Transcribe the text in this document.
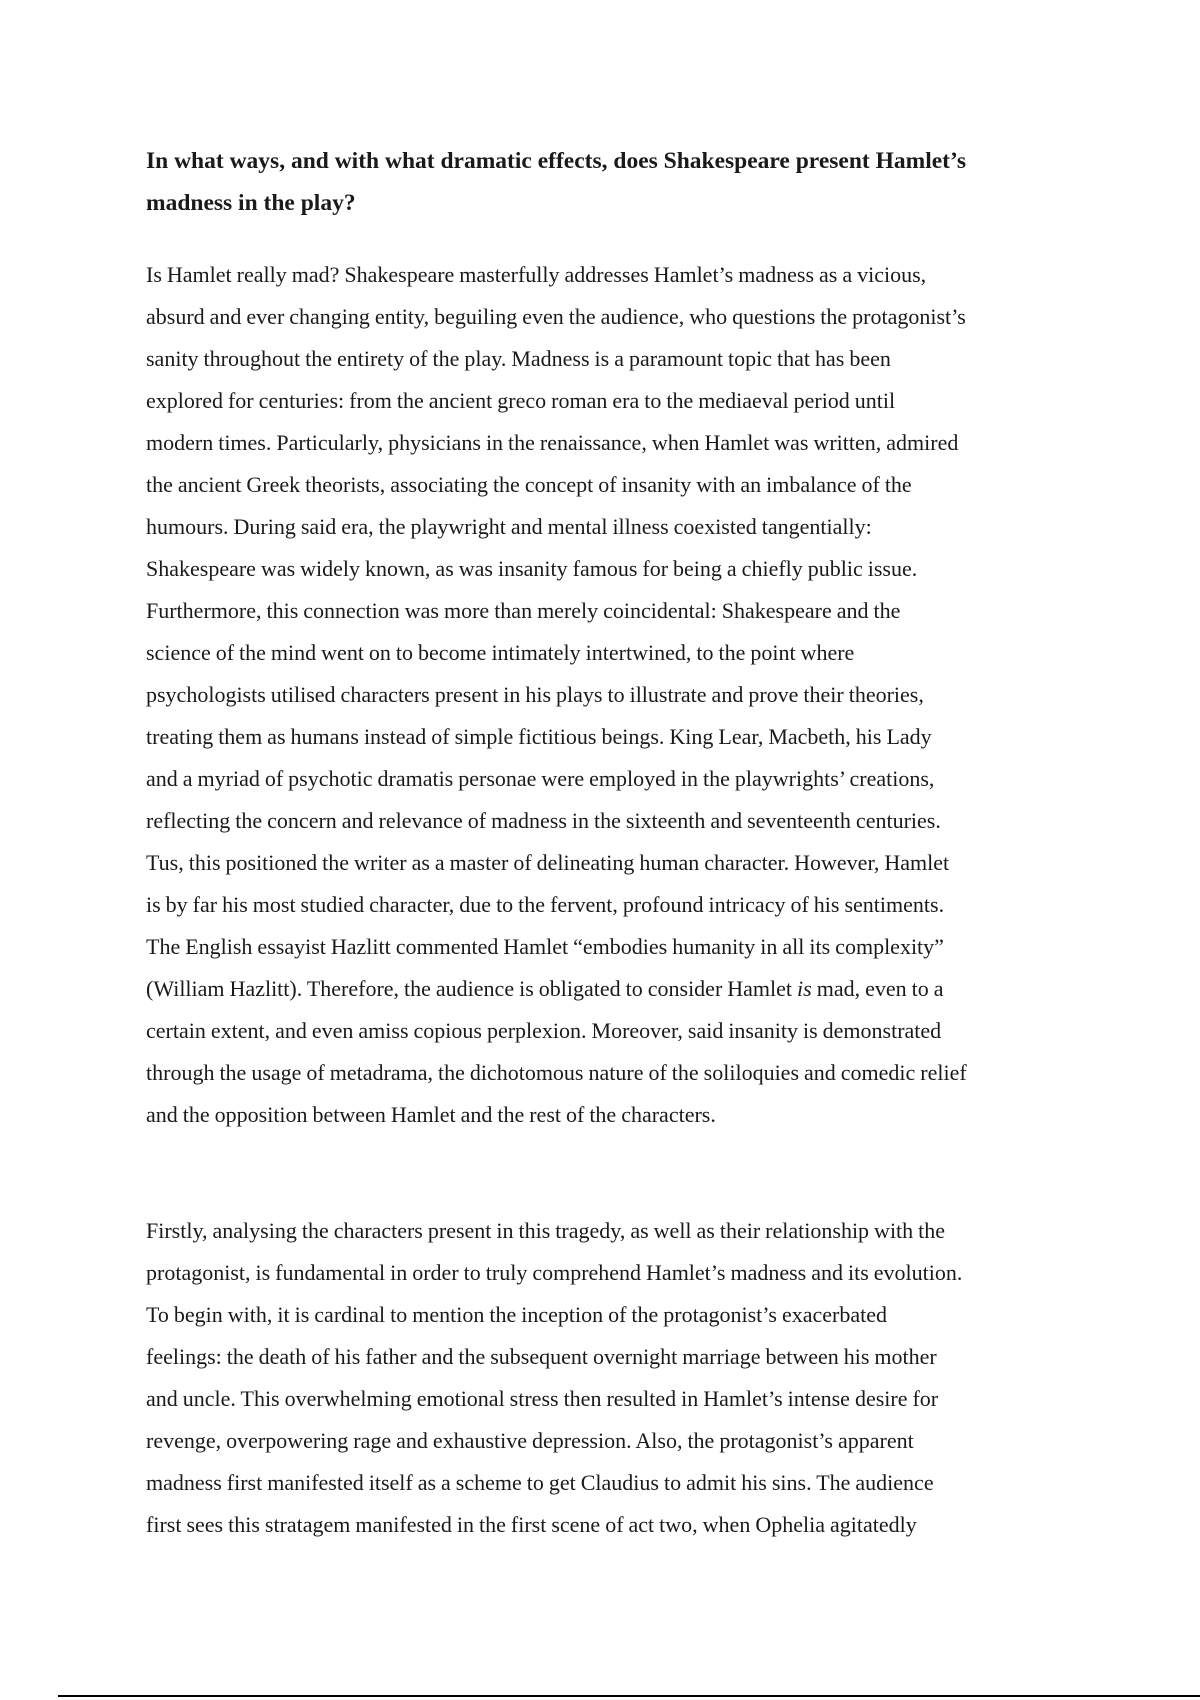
In what ways, and with what dramatic effects, does Shakespeare present Hamlet’s
madness in the play?

Is Hamlet really mad? Shakespeare masterfully addresses Hamlet’s madness as a vicious,
absurd and ever changing entity, beguiling even the audience, who questions the protagonist’s
sanity throughout the entirety of the play. Madness is a paramount topic that has been
explored for centuries: from the ancient greco roman era to the mediaeval period until
modern times. Particularly, physicians in the renaissance, when Hamlet was written, admired
the ancient Greek theorists, associating the concept of insanity with an imbalance of the
humours. During said era, the playwright and mental illness coexisted tangentially:
Shakespeare was widely known, as was insanity famous for being a chiefly public issue.
Furthermore, this connection was more than merely coincidental: Shakespeare and the
science of the mind went on to become intimately intertwined, to the point where
psychologists utilised characters present in his plays to illustrate and prove their theories,
treating them as humans instead of simple fictitious beings. King Lear, Macbeth, his Lady
and a myriad of psychotic dramatis personae were employed in the playwrights’ creations,
reflecting the concern and relevance of madness in the sixteenth and seventeenth centuries.
Tus, this positioned the writer as a master of delineating human character. However, Hamlet
is by far his most studied character, due to the fervent, profound intricacy of his sentiments.
The English essayist Hazlitt commented Hamlet “embodies humanity in all its complexity”
(William Hazlitt). Therefore, the audience is obligated to consider Hamlet is mad, even to a
certain extent, and even amiss copious perplexion. Moreover, said insanity is demonstrated
through the usage of metadrama, the dichotomous nature of the soliloquies and comedic relief
and the opposition between Hamlet and the rest of the characters.

Firstly, analysing the characters present in this tragedy, as well as their relationship with the
protagonist, is fundamental in order to truly comprehend Hamlet’s madness and its evolution.
To begin with, it is cardinal to mention the inception of the protagonist’s exacerbated
feelings: the death of his father and the subsequent overnight marriage between his mother
and uncle. This overwhelming emotional stress then resulted in Hamlet’s intense desire for
revenge, overpowering rage and exhaustive depression. Also, the protagonist’s apparent
madness first manifested itself as a scheme to get Claudius to admit his sins. The audience
first sees this stratagem manifested in the first scene of act two, when Ophelia agitatedly
